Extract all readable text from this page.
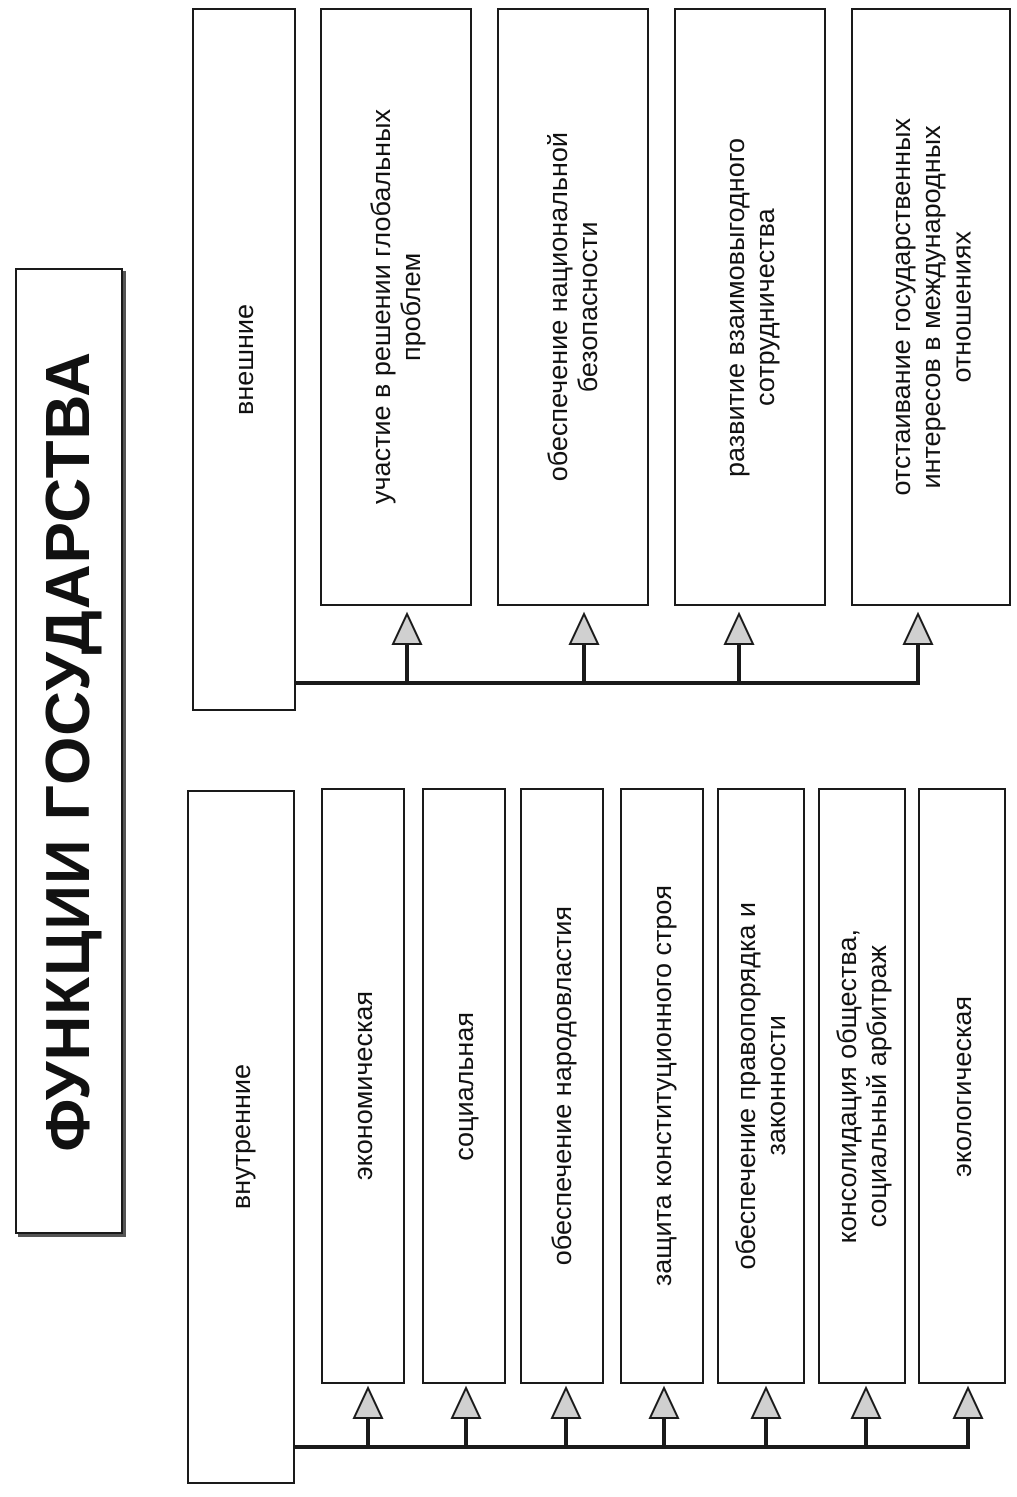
ФУНКЦИИ ГОСУДАРСТВА	внешние
участие в решении глобальных
проблем
обеспечение национальной
безопасности
развитие взаимовыгодного
сотрудничества
отстаивание государственных
интересов в международных
отношениях
внутренние	экономическая	социальная	обеспечение народовластия	защита конституционного строя обеспечение правопорядка и
законности консолидация общества,
социальный арбитраж экологическая
